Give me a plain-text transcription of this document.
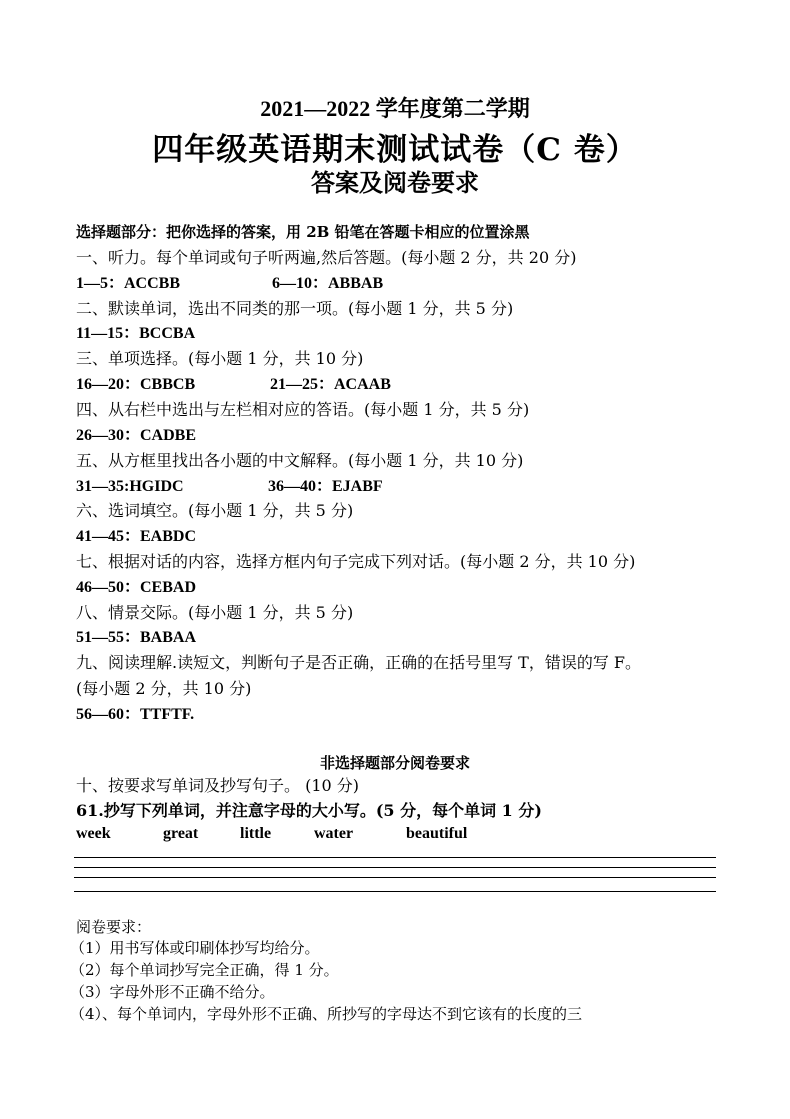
2021—2022 学年度第二学期
四年级英语期末测试试卷（C 卷）
答案及阅卷要求
选择题部分：把你选择的答案，用 2B 铅笔在答题卡相应的位置涂黑
一、听力。每个单词或句子听两遍,然后答题。(每小题 2 分，共 20 分)
1—5：ACCBB	6—10：ABBAB
二、默读单词，选出不同类的那一项。(每小题 1 分，共 5 分)
11—15：BCCBA
三、单项选择。(每小题 1 分，共 10 分)
16—20：CBBCB	21—25：ACAAB
四、从右栏中选出与左栏相对应的答语。(每小题 1 分，共 5 分)
26—30：CADBE
五、从方框里找出各小题的中文解释。(每小题 1 分，共 10 分)
31—35:HGIDC	36—40：EJABF
六、选词填空。(每小题 1 分，共 5 分)
41—45：EABDC
七、根据对话的内容，选择方框内句子完成下列对话。(每小题 2 分，共 10 分)
46—50：CEBAD
八、情景交际。(每小题 1 分，共 5 分)
51—55：BABAA
九、阅读理解.读短文，判断句子是否正确，正确的在括号里写 T，错误的写 F。
(每小题 2 分，共 10 分)
56—60：TTFTF.
非选择题部分阅卷要求
十、按要求写单词及抄写句子。 (10 分)
61.抄写下列单词，并注意字母的大小写。(5 分，每个单词 1 分)
week	great	little	water	beautiful
阅卷要求：
（1）用书写体或印刷体抄写均给分。
（2）每个单词抄写完全正确，得 1 分。
（3）字母外形不正确不给分。
（4）、每个单词内，字母外形不正确、所抄写的字母达不到它该有的长度的三
